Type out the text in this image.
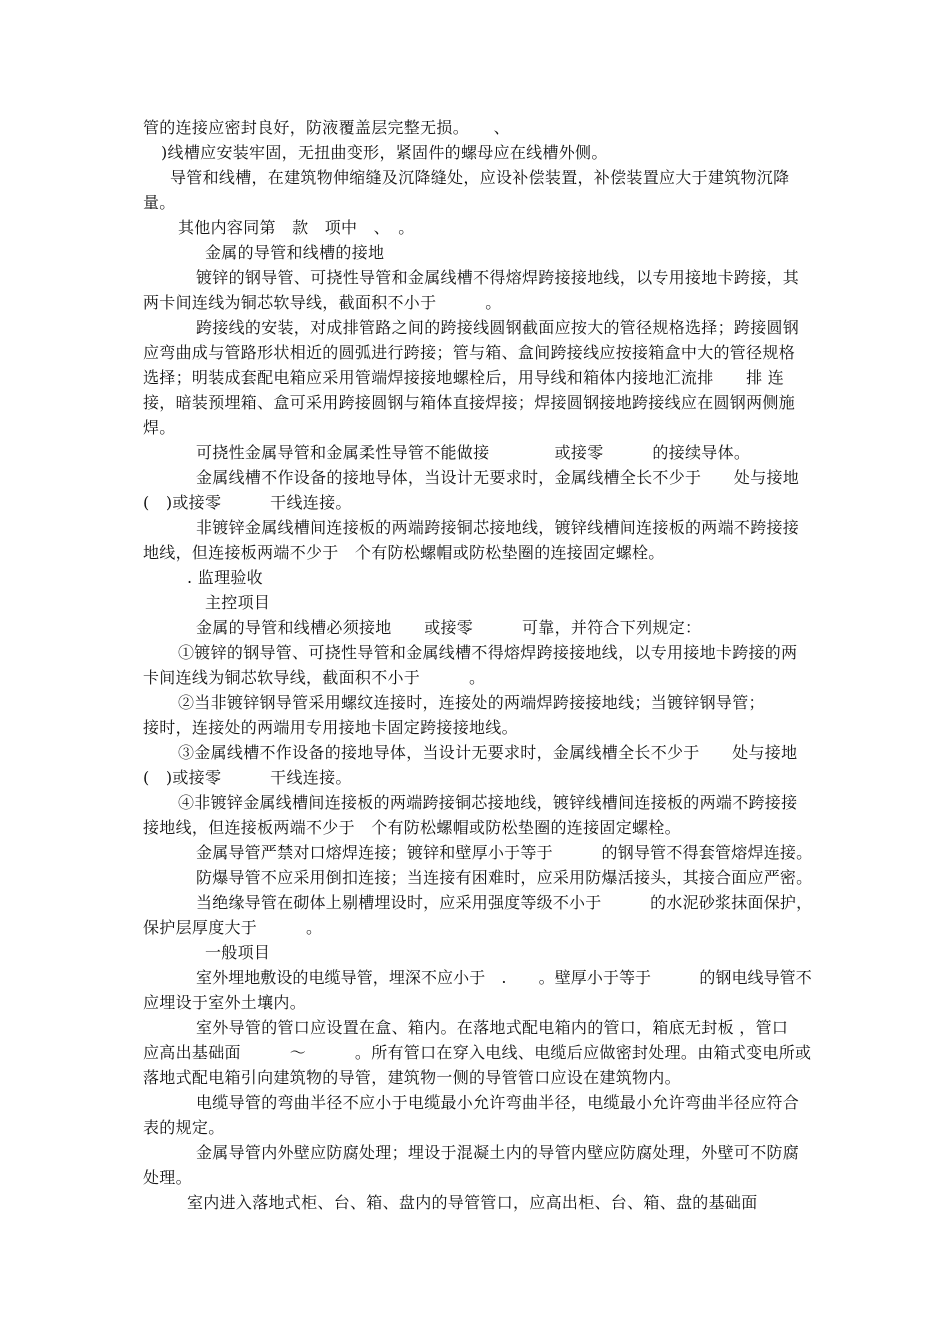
管的连接应密封良好，防液覆盖层完整无损。　　、
)线槽应安装牢固，无扭曲变形，紧固件的螺母应在线槽外侧。
导管和线槽，在建筑物伸缩缝及沉降缝处，应设补偿装置，补偿装置应大于建筑物沉降
量。
其他内容同第　款　项中　、　。
金属的导管和线槽的接地
镀锌的钢导管、可挠性导管和金属线槽不得熔焊跨接接地线，以专用接地卡跨接，其
两卡间连线为铜芯软导线，截面积不小于　　　。
跨接线的安装，对成排管路之间的跨接线圆钢截面应按大的管径规格选择；跨接圆钢
应弯曲成与管路形状相近的圆弧进行跨接；管与箱、盒间跨接线应按接箱盒中大的管径规格
选择；明装成套配电箱应采用管端焊接接地螺栓后，用导线和箱体内接地汇流排　　排 连
接，暗装预埋箱、盒可采用跨接圆钢与箱体直接焊接；焊接圆钢接地跨接线应在圆钢两侧施
焊。
可挠性金属导管和金属柔性导管不能做接　　　　或接零　　　的接续导体。
金属线槽不作设备的接地导体，当设计无要求时，金属线槽全长不少于　　处与接地
(　)或接零　　　干线连接。
非镀锌金属线槽间连接板的两端跨接铜芯接地线，镀锌线槽间连接板的两端不跨接接
地线，但连接板两端不少于　个有防松螺帽或防松垫圈的连接固定螺栓。
. 监理验收
主控项目
金属的导管和线槽必须接地　　或接零　　　可靠，并符合下列规定：
①镀锌的钢导管、可挠性导管和金属线槽不得熔焊跨接接地线，以专用接地卡跨接的两
卡间连线为铜芯软导线，截面积不小于　　　。
②当非镀锌钢导管采用螺纹连接时，连接处的两端焊跨接接地线；当镀锌钢导管；
接时，连接处的两端用专用接地卡固定跨接接地线。
③金属线槽不作设备的接地导体，当设计无要求时，金属线槽全长不少于　　处与接地
(　)或接零　　　干线连接。
④非镀锌金属线槽间连接板的两端跨接铜芯接地线，镀锌线槽间连接板的两端不跨接接
接地线，但连接板两端不少于　个有防松螺帽或防松垫圈的连接固定螺栓。
金属导管严禁对口熔焊连接；镀锌和壁厚小于等于　　　的钢导管不得套管熔焊连接。
防爆导管不应采用倒扣连接；当连接有困难时，应采用防爆活接头，其接合面应严密。
当绝缘导管在砌体上剔槽埋设时，应采用强度等级不小于　　　的水泥砂浆抹面保护，
保护层厚度大于　　　。
一般项目
室外埋地敷设的电缆导管，埋深不应小于　.　　。壁厚小于等于　　　的钢电线导管不
应埋设于室外土壤内。
室外导管的管口应设置在盒、箱内。在落地式配电箱内的管口，箱底无封板 ，管口
应高出基础面　　　～　　　。所有管口在穿入电线、电缆后应做密封处理。由箱式变电所或
落地式配电箱引向建筑物的导管，建筑物一侧的导管管口应设在建筑物内。
电缆导管的弯曲半径不应小于电缆最小允许弯曲半径，电缆最小允许弯曲半径应符合
表的规定。
金属导管内外壁应防腐处理；埋设于混凝土内的导管内壁应防腐处理，外壁可不防腐
处理。
室内进入落地式柜、台、箱、盘内的导管管口，应高出柜、台、箱、盘的基础面
